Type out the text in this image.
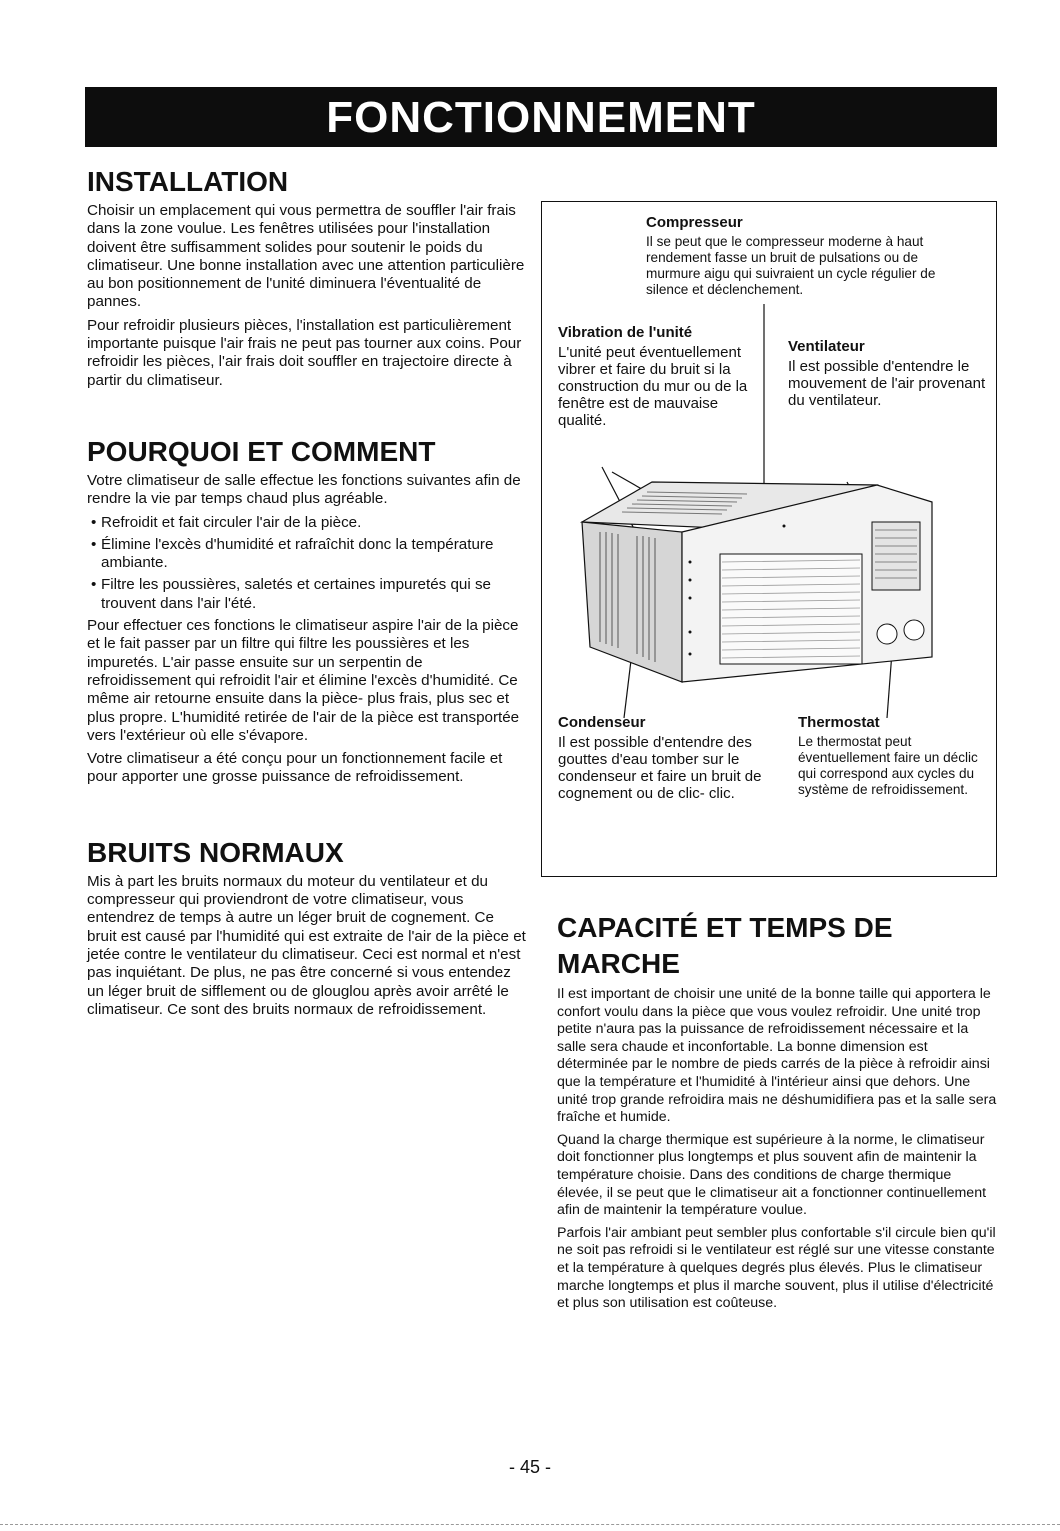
FONCTIONNEMENT
INSTALLATION

Choisir un emplacement qui vous permettra de souffler l'air frais dans la zone voulue. Les fenêtres utilisées pour l'installation doivent être suffisamment solides pour soutenir le poids du climatiseur. Une bonne installation avec une attention particulière au bon positionnement de l'unité diminuera l'éventualité de pannes.

Pour refroidir plusieurs pièces, l'installation est particulièrement importante puisque l'air frais ne peut pas tourner aux coins. Pour refroidir les pièces, l'air frais doit souffler en trajectoire directe à partir du climatiseur.

POURQUOI ET COMMENT

Votre climatiseur de salle effectue les fonctions suivantes afin de rendre la vie par temps chaud plus agréable.

• Refroidit et fait circuler l'air de la pièce.
• Élimine l'excès d'humidité et rafraîchit donc la température ambiante.
• Filtre les poussières, saletés et certaines impuretés qui se trouvent dans l'air l'été.

Pour effectuer ces fonctions le climatiseur aspire l'air de la pièce et le fait passer par un filtre qui filtre les poussières et les impuretés. L'air passe ensuite sur un serpentin de refroidissement qui refroidit l'air et élimine l'excès d'humidité. Ce même air retourne ensuite dans la pièce- plus frais, plus sec et plus propre. L'humidité retirée de l'air de la pièce est transportée vers l'extérieur où elle s'évapore.

Votre climatiseur a été conçu pour un fonctionnement facile et pour apporter une grosse puissance de refroidissement.

BRUITS NORMAUX

Mis à part les bruits normaux du moteur du ventilateur et du compresseur qui proviendront de votre climatiseur, vous entendrez de temps à autre un léger bruit de cognement. Ce bruit est causé par l'humidité qui est extraite de l'air de la pièce et jetée contre le ventilateur du climatiseur. Ceci est normal et n'est pas inquiétant. De plus, ne pas être concerné si vous entendez un léger bruit de sifflement ou de glouglou après avoir arrêté le climatiseur. Ce sont des bruits normaux de refroidissement.

Compresseur
Il se peut que le compresseur moderne à haut rendement fasse un bruit de pulsations ou de murmure aigu qui suivraient un cycle régulier de silence et déclenchement.
Vibration de l'unité
L'unité peut éventuellement vibrer et faire du bruit si la construction du mur ou de la fenêtre est de mauvaise qualité.
Ventilateur
Il est possible d'entendre le mouvement de l'air provenant du ventilateur.
Condenseur
Il est possible d'entendre des gouttes d'eau tomber sur le condenseur et faire un bruit de cognement ou de clic- clic.
Thermostat
Le thermostat peut éventuellement faire un déclic qui correspond aux cycles du système de refroidissement.
CAPACITÉ ET TEMPS DE MARCHE

Il est important de choisir une unité de la bonne taille qui apportera le confort voulu dans la pièce que vous voulez refroidir. Une unité trop petite n'aura pas la puissance de refroidissement nécessaire et la salle sera chaude et inconfortable. La bonne dimension est déterminée par le nombre de pieds carrés de la pièce à refroidir ainsi que la température et l'humidité à l'intérieur ainsi que dehors. Une unité trop grande refroidira mais ne déshumidifiera pas et la salle sera fraîche et humide.

Quand la charge thermique est supérieure à la norme, le climatiseur doit fonctionner plus longtemps et plus souvent afin de maintenir la température choisie. Dans des conditions de charge thermique élevée, il se peut que le climatiseur ait a fonctionner continuellement afin de maintenir la température voulue.

Parfois l'air ambiant peut sembler plus confortable s'il circule bien qu'il ne soit pas refroidi si le ventilateur est réglé sur une vitesse constante et la température à quelques degrés plus élevés. Plus le climatiseur marche longtemps et plus il marche souvent, plus il utilise d'électricité et plus son utilisation est coûteuse.

- 45 -
